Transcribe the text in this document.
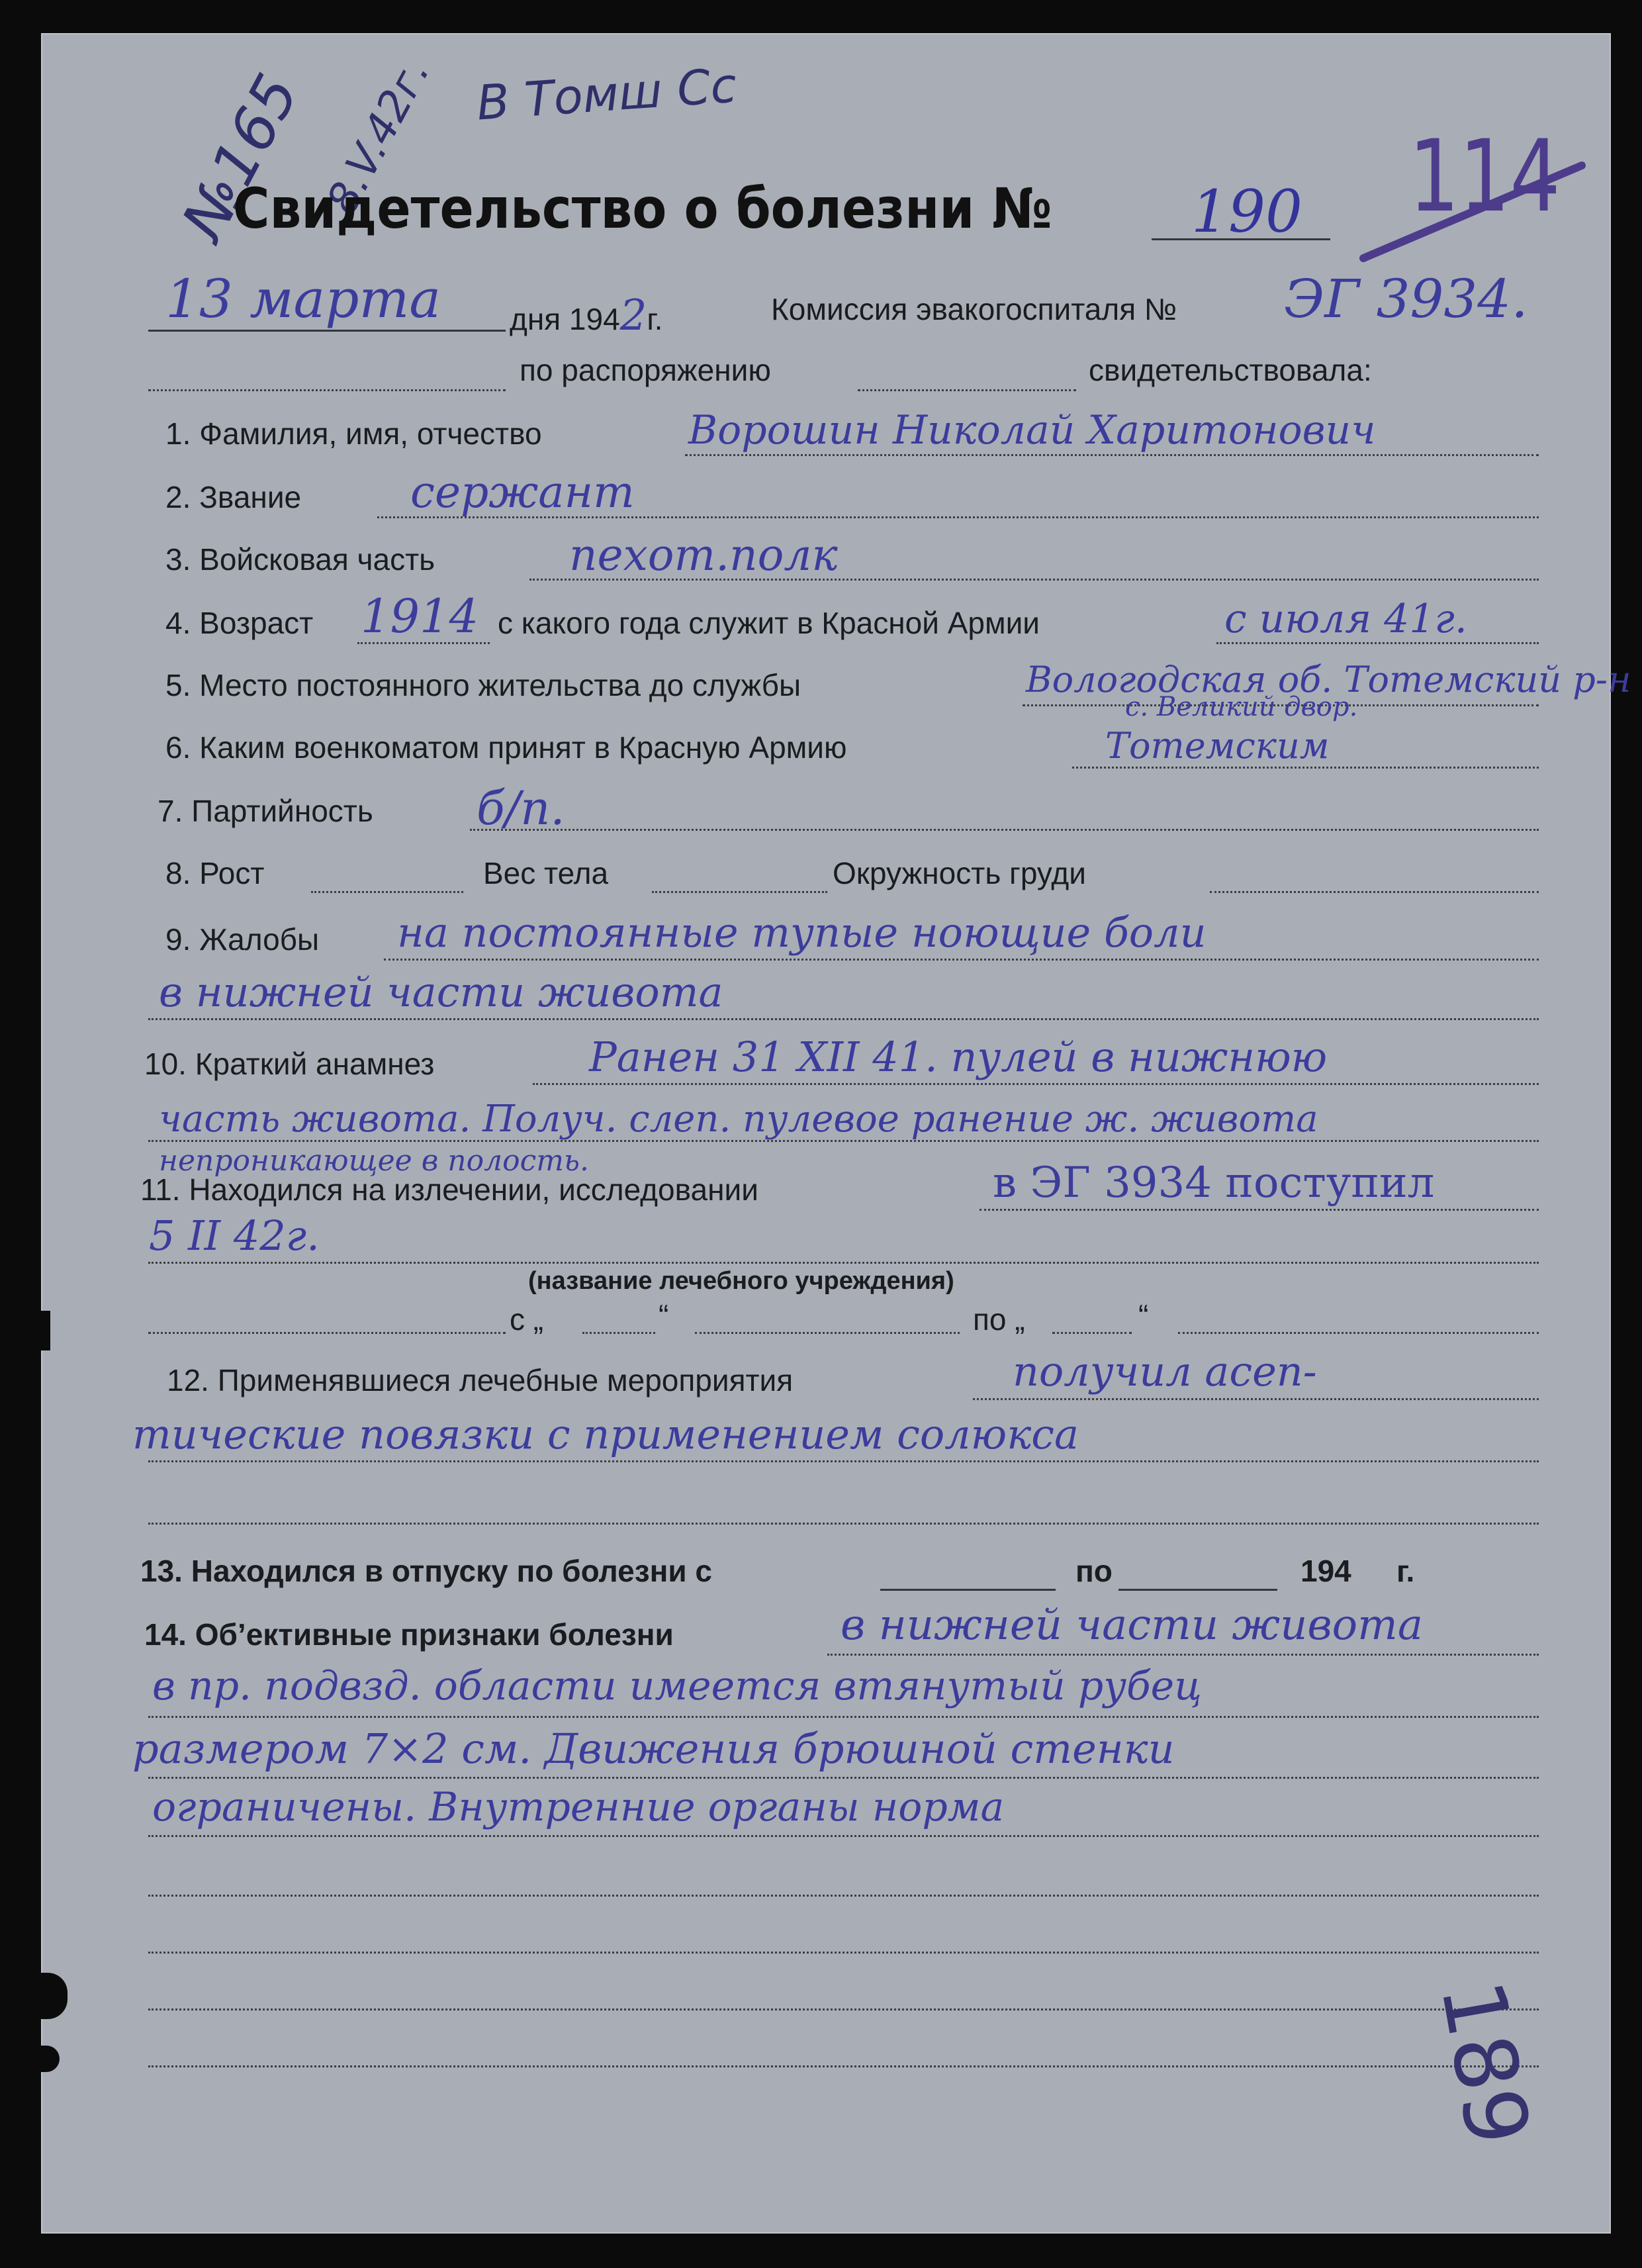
№165 8.V.42г. В Томш Сс
Свидетельство о болезни № 190 114
13 марта дня 1942г.	Комиссия эвакогоспиталя № ЭГ 3934.
по распоряжению	свидетельствовала:
1. Фамилия, имя, отчество	Ворошин Николай Харитонович
2. Звание сержант
3. Войсковая часть	пехот.полк
4. Возраст 1914 с какого года служит в Красной Армии	с июля 41г.
5. Место постоянного жительства до службы	Вологодская об. Тотемский р-н
с. Великий двор.
6. Каким военкоматом принят в Красную Армию	Тотемским
7. Партийность б/п.
8. Рост	Вес тела	Окружность груди
9. Жалобы на постоянные тупые ноющие боли
в нижней части живота
10. Краткий анамнез	Ранен 31 XII 41. пулей в нижнюю
часть живота. Получ. слеп. пулевое ранение ж. живота
непроникающее в полость.
11. Находился на излечении, исследовании	в ЭГ 3934 поступил
5 II 42г.
(название лечебного учреждения)
с „	“	по „	“
12. Применявшиеся лечебные мероприятия	получил асеп-
тические повязки с применением солюкса
13. Находился в отпуску по болезни с	по	194 г.
14. Об’ективные признаки болезни	в нижней части живота
в пр. подвзд. области имеется втянутый рубец
размером 7×2 см. Движения брюшной стенки
ограничены. Внутренние органы норма
189
